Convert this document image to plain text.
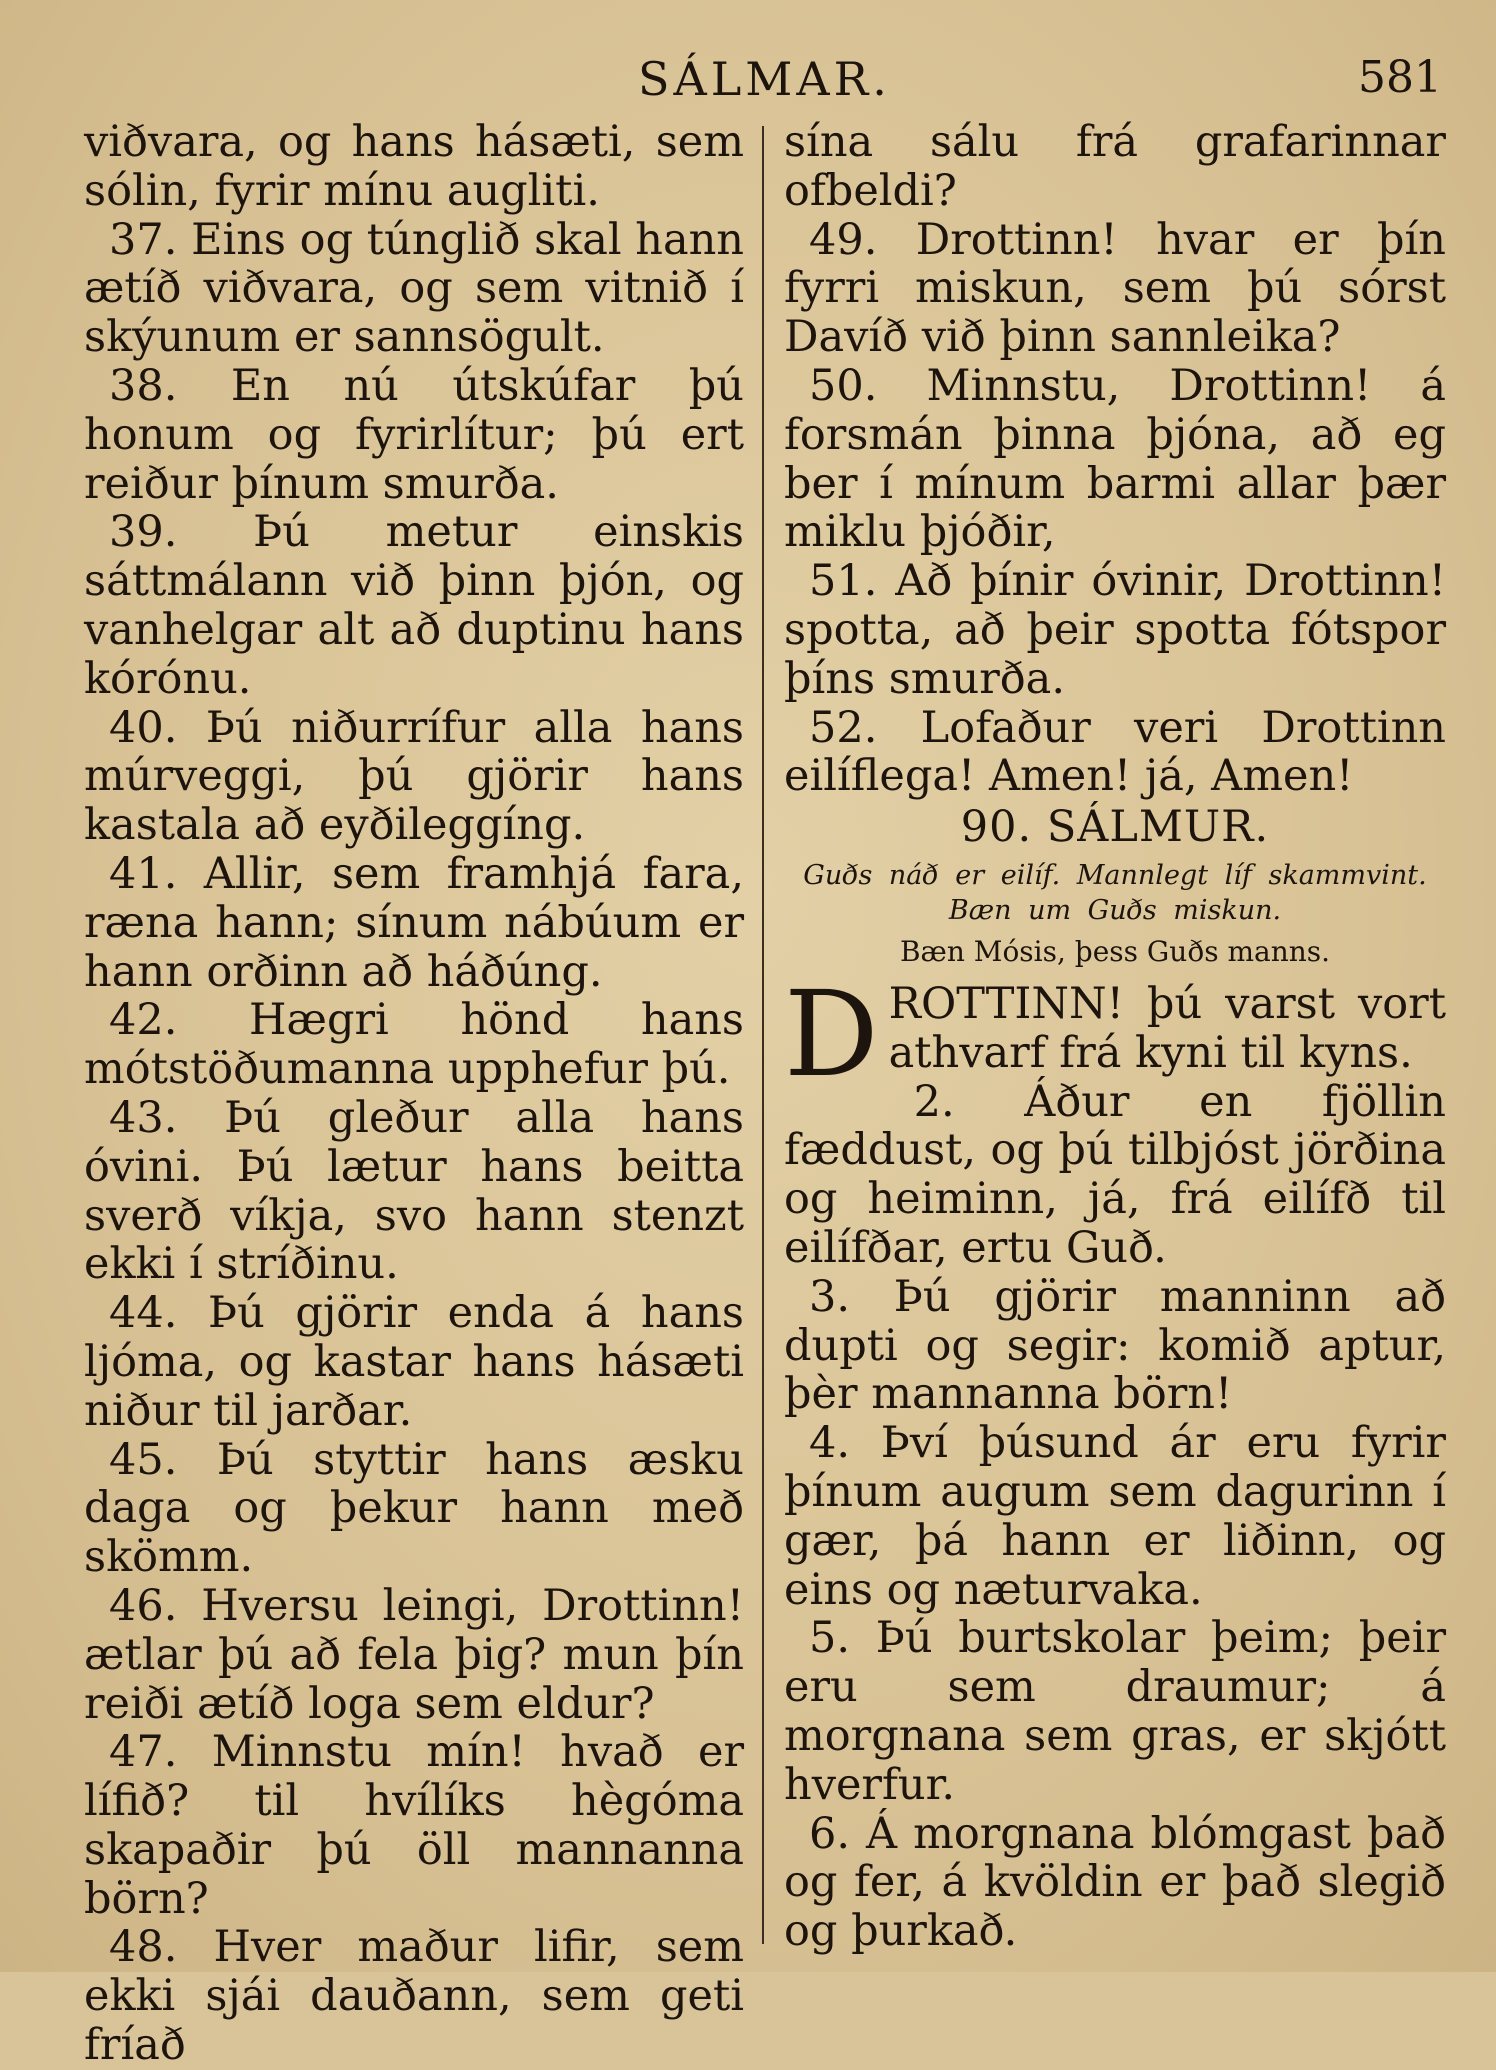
SÁLMAR.	581

viðvara, og hans hásæti, sem sólin, fyrir mínu augliti.

37. Eins og túnglið skal hann ætíð viðvara, og sem vitnið í skýunum er sannsögult.

38. En nú útskúfar þú honum og fyrirlítur; þú ert reiður þínum smurða.

39. Þú metur einskis sáttmálann við þinn þjón, og vanhelgar alt að duptinu hans kórónu.

40. Þú niðurrífur alla hans múrveggi, þú gjörir hans kastala að eyðileggíng.

41. Allir, sem framhjá fara, ræna hann; sínum nábúum er hann orðinn að háðúng.

42. Hægri hönd hans mótstöðumanna upphefur þú.

43. Þú gleður alla hans óvini. Þú lætur hans beitta sverð víkja, svo hann stenzt ekki í stríðinu.

44. Þú gjörir enda á hans ljóma, og kastar hans hásæti niður til jarðar.

45. Þú styttir hans æsku daga og þekur hann með skömm.

46. Hversu leingi, Drottinn! ætlar þú að fela þig? mun þín reiði ætíð loga sem eldur?

47. Minnstu mín! hvað er lífið? til hvílíks hègóma skapaðir þú öll mannanna börn?

48. Hver maður lifir, sem ekki sjái dauðann, sem geti fríað

sína sálu frá grafarinnar ofbeldi?

49. Drottinn! hvar er þín fyrri miskun, sem þú sórst Davíð við þinn sannleika?

50. Minnstu, Drottinn! á forsmán þinna þjóna, að eg ber í mínum barmi allar þær miklu þjóðir,

51. Að þínir óvinir, Drottinn! spotta, að þeir spotta fótspor þíns smurða.

52. Lofaður veri Drottinn eilíflega! Amen! já, Amen!

90. SÁLMUR.

Guðs náð er eilíf. Mannlegt líf skammvint.
Bæn um Guðs miskun.

Bæn Mósis, þess Guðs manns.

DROTTINN! þú varst vort athvarf frá kyni til kyns.

2. Áður en fjöllin fæddust, og þú tilbjóst jörðina og heiminn, já, frá eilífð til eilífðar, ertu Guð.

3. Þú gjörir manninn að dupti og segir: komið aptur, þèr mannanna börn!

4. Því þúsund ár eru fyrir þínum augum sem dagurinn í gær, þá hann er liðinn, og eins og næturvaka.

5. Þú burtskolar þeim; þeir eru sem draumur; á morgnana sem gras, er skjótt hverfur.

6. Á morgnana blómgast það og fer, á kvöldin er það slegið og þurkað.
